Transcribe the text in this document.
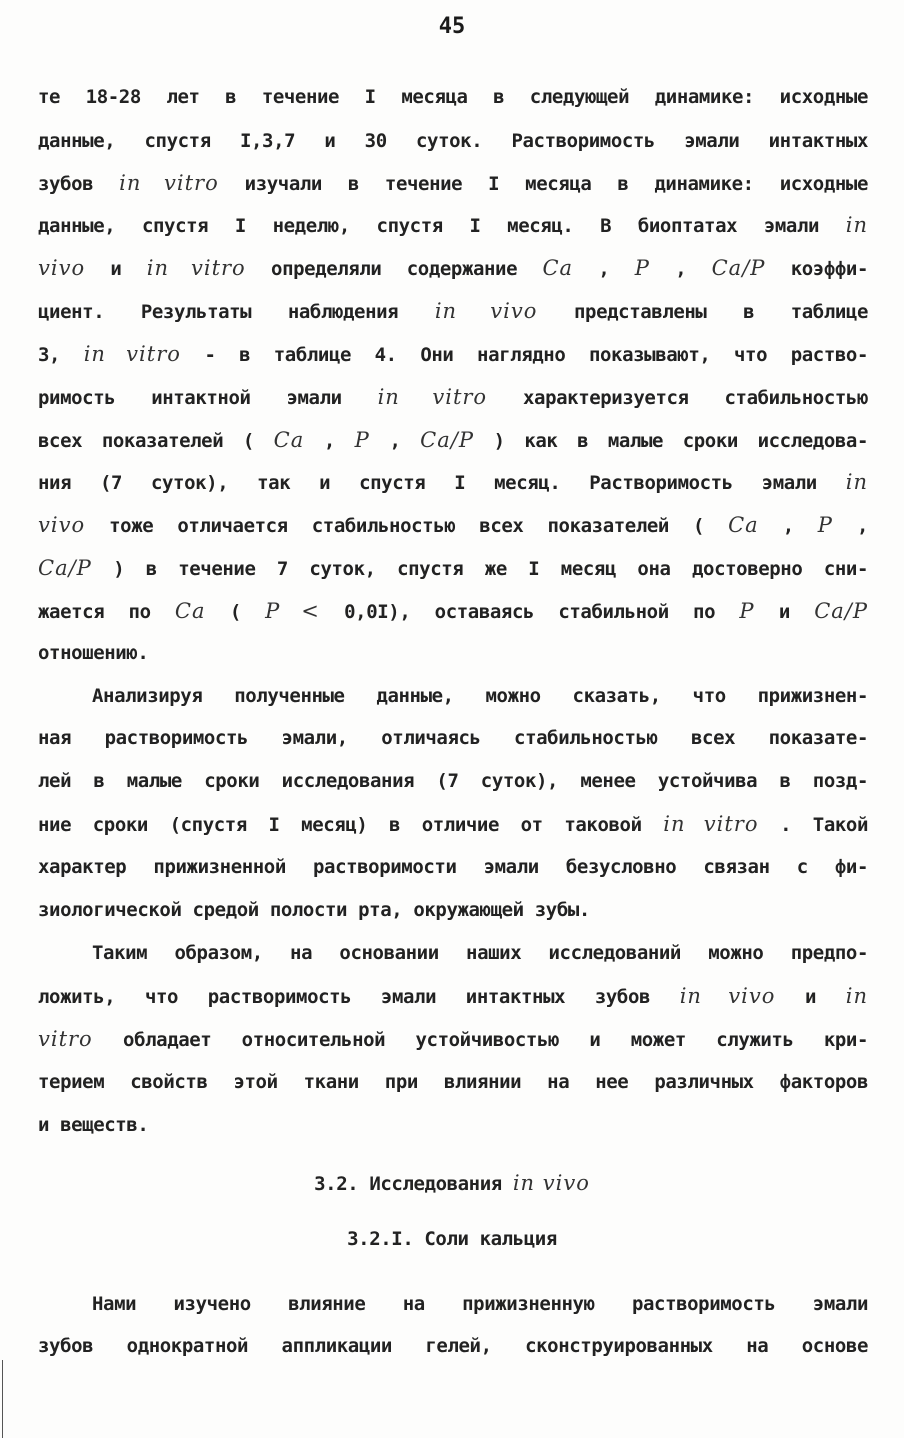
45
те 18-28 лет в течение I месяца в следующей динамике: исходные
данные, спустя I,3,7 и 30 суток. Растворимость эмали интактных
зубов in vitro изучали в течение I месяца в динамике: исходные
данные, спустя I неделю, спустя I месяц. В биоптатах эмали in
vivo и in vitro определяли содержание Ca , P , Ca/P коэффи-
циент. Результаты наблюдения in vivo представлены в таблице
3, in vitro - в таблице 4. Они наглядно показывают, что раство-
римость интактной эмали in vitro характеризуется стабильностью
всех показателей ( Ca , P , Ca/P ) как в малые сроки исследова-
ния (7 суток), так и спустя I месяц. Растворимость эмали in
vivo тоже отличается стабильностью всех показателей ( Ca , P ,
Ca/P ) в течение 7 суток, спустя же I месяц она достоверно сни-
жается по Ca ( P < 0,0I), оставаясь стабильной по P и Ca/P
отношению.
Анализируя полученные данные, можно сказать, что прижизнен-
ная растворимость эмали, отличаясь стабильностью всех показате-
лей в малые сроки исследования (7 суток), менее устойчива в позд-
ние сроки (спустя I месяц) в отличие от таковой in vitro . Такой
характер прижизненной растворимости эмали безусловно связан с фи-
зиологической средой полости рта, окружающей зубы.
Таким образом, на основании наших исследований можно предпо-
ложить, что растворимость эмали интактных зубов in vivo и in
vitro обладает относительной устойчивостью и может служить кри-
терием свойств этой ткани при влиянии на нее различных факторов
и веществ.
3.2. Исследования in vivo
3.2.I. Соли кальция
Нами изучено влияние на прижизненную растворимость эмали
зубов однократной аппликации гелей, сконструированных на основе
